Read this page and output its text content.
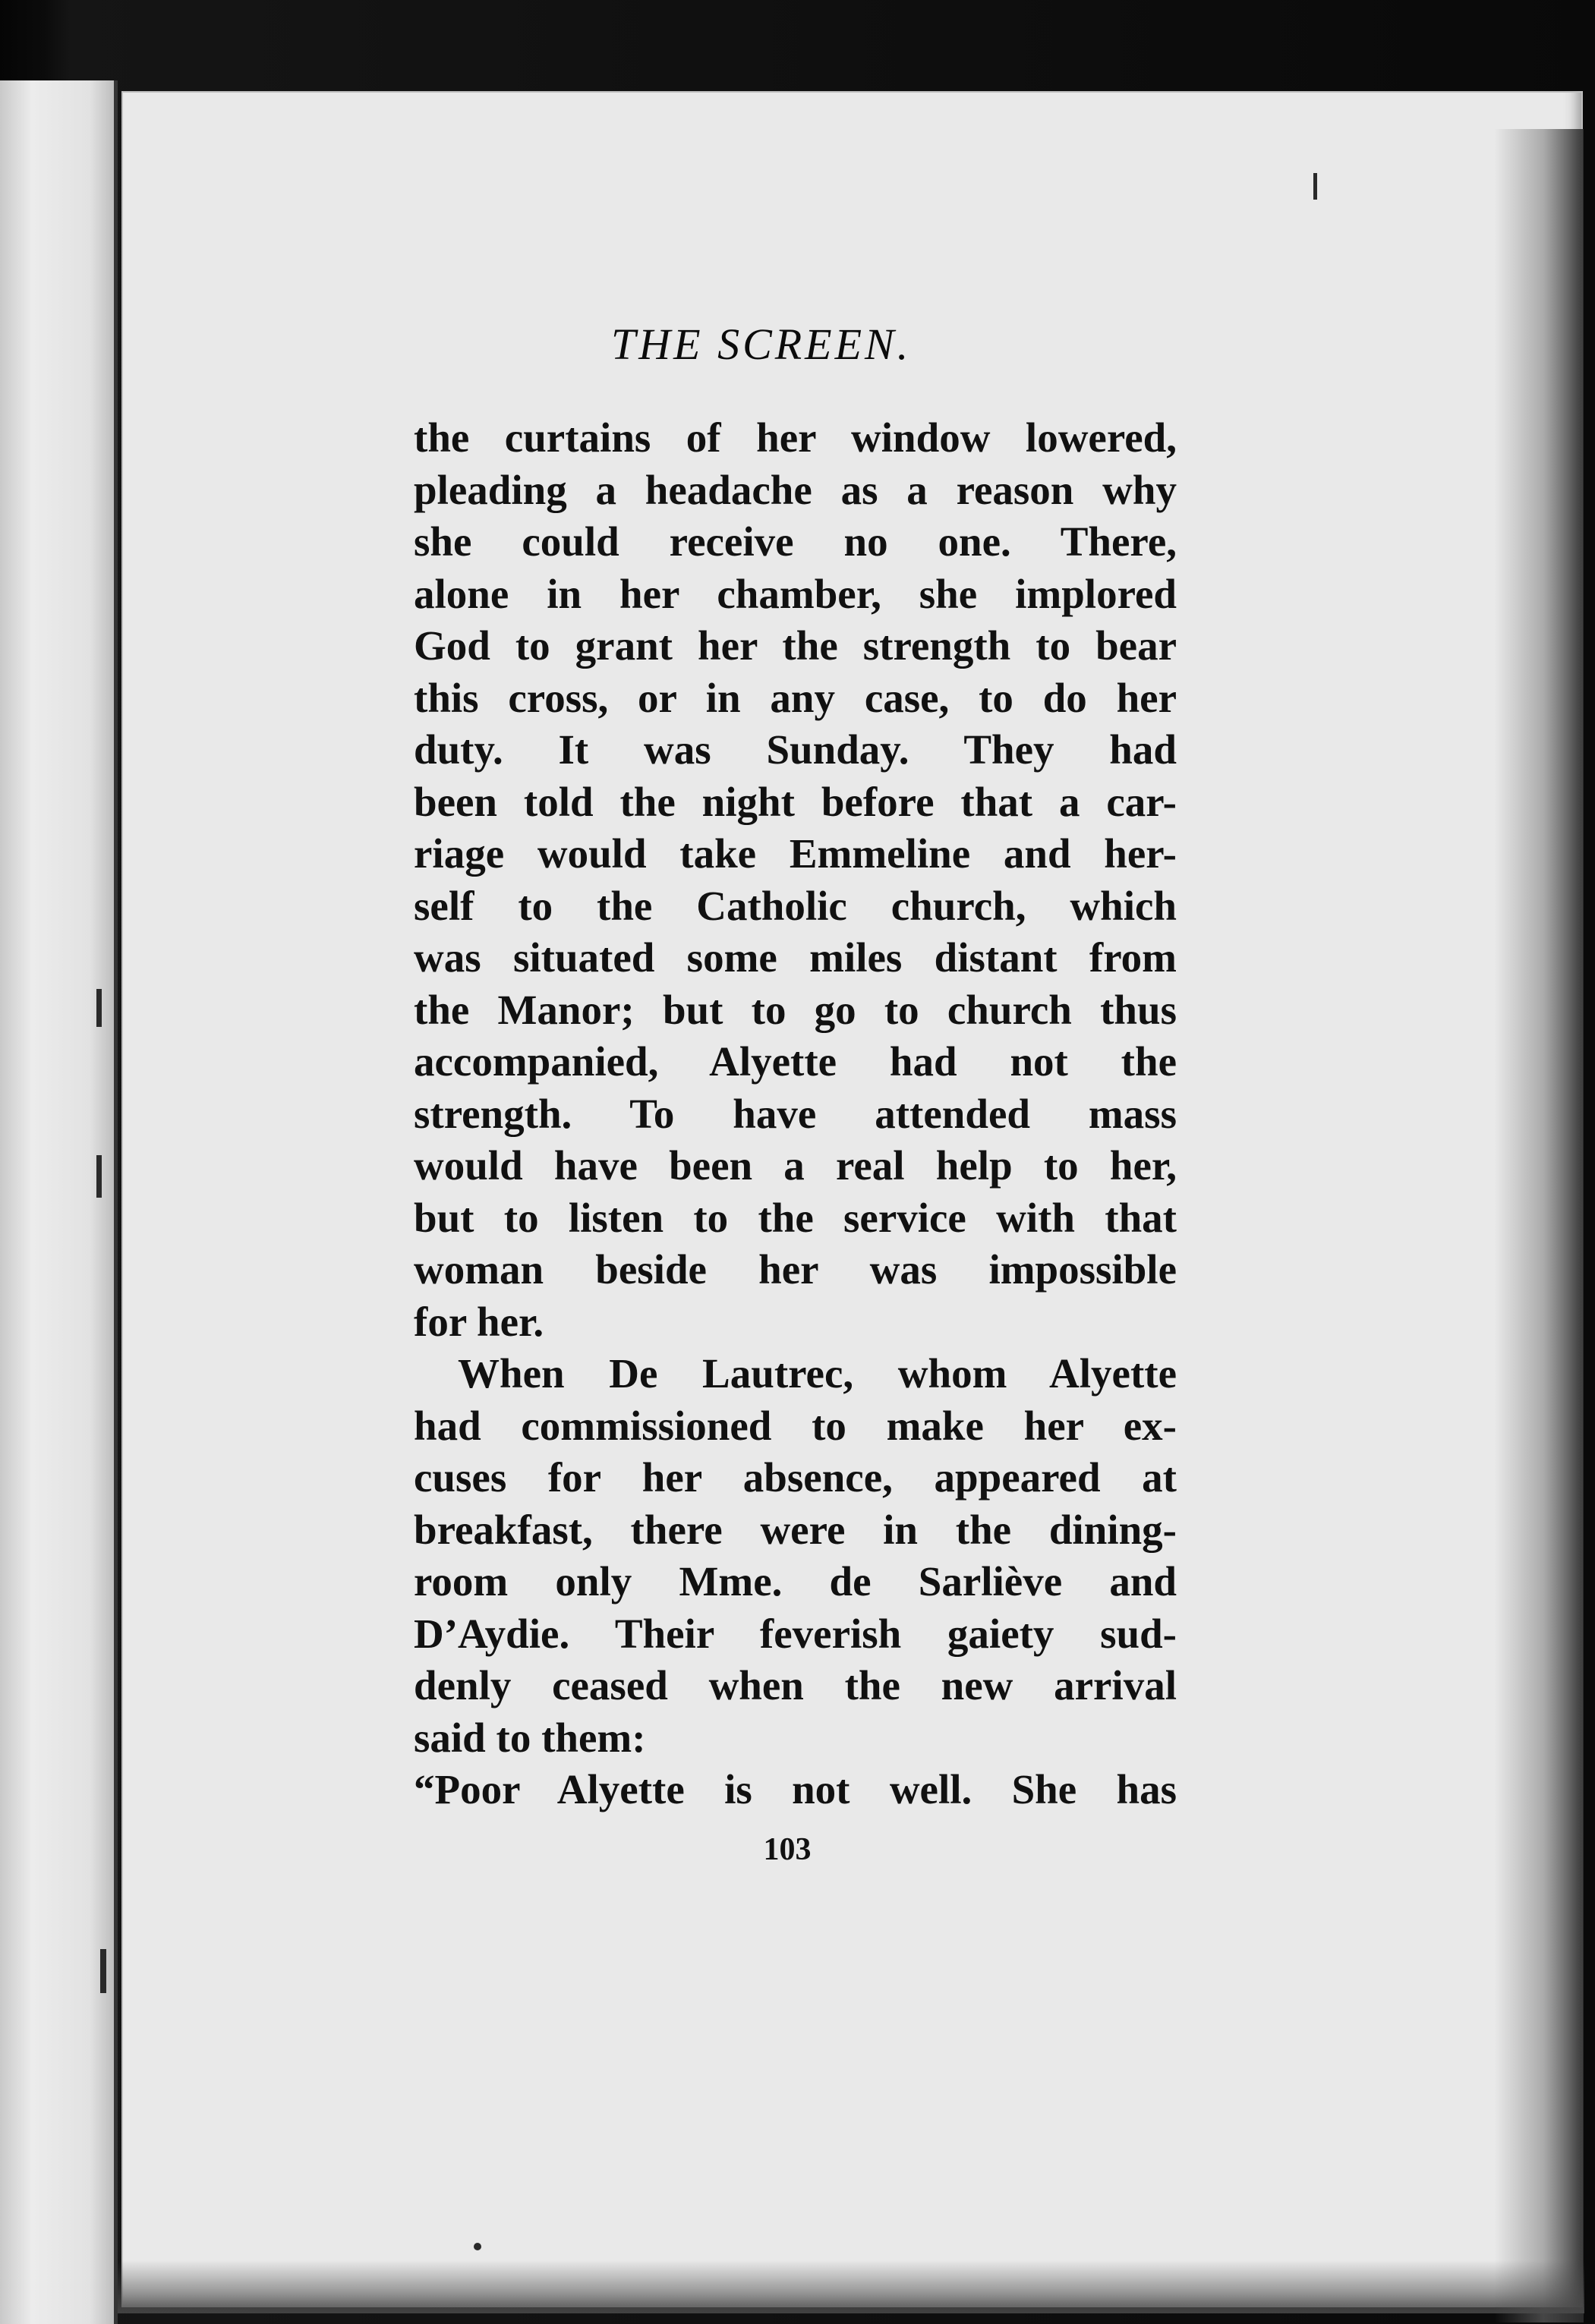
THE SCREEN.
the curtains of her window lowered,
pleading a headache as a reason why
she could receive no one. There,
alone in her chamber, she implored
God to grant her the strength to bear
this cross, or in any case, to do her
duty. It was Sunday. They had
been told the night before that a car-
riage would take Emmeline and her-
self to the Catholic church, which
was situated some miles distant from
the Manor; but to go to church thus
accompanied, Alyette had not the
strength. To have attended mass
would have been a real help to her,
but to listen to the service with that
woman beside her was impossible
for her.
When De Lautrec, whom Alyette
had commissioned to make her ex-
cuses for her absence, appeared at
breakfast, there were in the dining-
room only Mme. de Sarlièvе and
D’Aydie. Their feverish gaiety sud-
denly ceased when the new arrival
said to them:
“Poor Alyette is not well. She has
103
